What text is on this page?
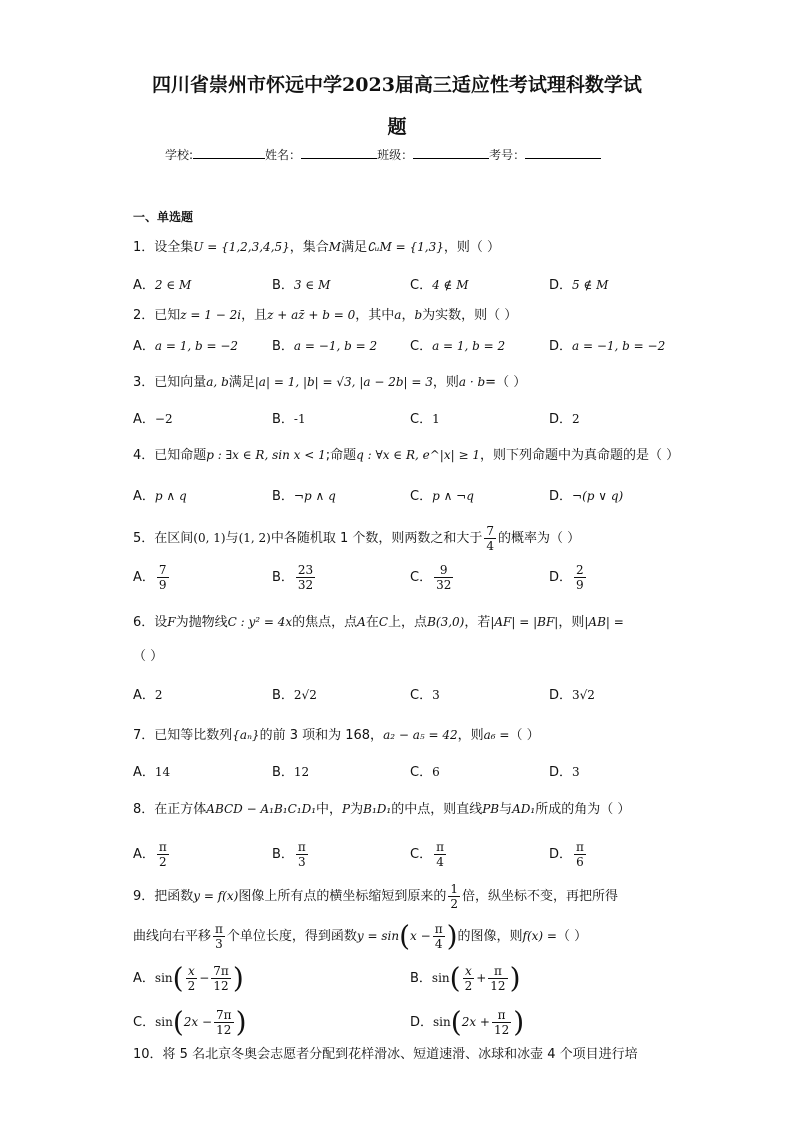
四川省崇州市怀远中学2023届高三适应性考试理科数学试
题
学校:	姓名：	班级：	考号：
一、单选题
1．设全集U = {1,2,3,4,5}，集合M满足∁ᵤM = {1,3}，则（ ）
A．2 ∈ M	B．3 ∈ M	C．4 ∉ M	D．5 ∉ M
2．已知z = 1 − 2i，且z + az̄ + b = 0，其中a，b为实数，则（ ）
A．a = 1, b = −2	B．a = −1, b = 2	C．a = 1, b = 2	D．a = −1, b = −2
3．已知向量a, b满足|a| = 1, |b| = √3, |a − 2b| = 3，则a · b=（ ）
A．−2	B．-1	C．1	D．2
4．已知命题p : ∃x ∈ R, sin x < 1;命题q : ∀x ∈ R, e^|x| ≥ 1，则下列命题中为真命题的是（ ）
A．p ∧ q	B．¬p ∧ q	C．p ∧ ¬q	D．¬(p ∨ q)
5．在区间(0, 1)与(1, 2)中各随机取 1 个数，则两数之和大于 $\frac{7}{4}$ 的概率为（ ）
A． $\frac{7}{9}$	B． $\frac{23}{32}$	C． $\frac{9}{32}$	D． $\frac{2}{9}$
6．设F为抛物线C : y² = 4x的焦点，点A在C上，点B(3,0)，若|AF| = |BF|，则|AB| =
（ ）
A．2	B．2√2	C．3	D．3√2
7．已知等比数列{aₙ}的前 3 项和为 168，a₂ − a₅ = 42，则a₆ =（ ）
A．14	B．12	C．6	D．3
8．在正方体ABCD − A₁B₁C₁D₁中，P为B₁D₁的中点，则直线PB与AD₁所成的角为（ ）
A． $\frac{\pi}{2}$	B． $\frac{\pi}{3}$	C． $\frac{\pi}{4}$	D． $\frac{\pi}{6}$
9．把函数y = f(x)图像上所有点的横坐标缩短到原来的 $\frac{1}{2}$ 倍，纵坐标不变，再把所得
曲线向右平移 $\frac{\pi}{3}$ 个单位长度，得到函数$y = \sin(x - \frac{\pi}{4}$ )的图像，则f(x) =（ ）
A．$\sin( \frac{x}{2} - \frac{7\pi}{12}$ )	B．$\sin( \frac{x}{2} + \frac{\pi}{12}$ )
C．$\sin(2x - \frac{7\pi}{12}$ )	D．$\sin(2x + \frac{\pi}{12}$ )
10．将 5 名北京冬奥会志愿者分配到花样滑冰、短道速滑、冰球和冰壶 4 个项目进行培
